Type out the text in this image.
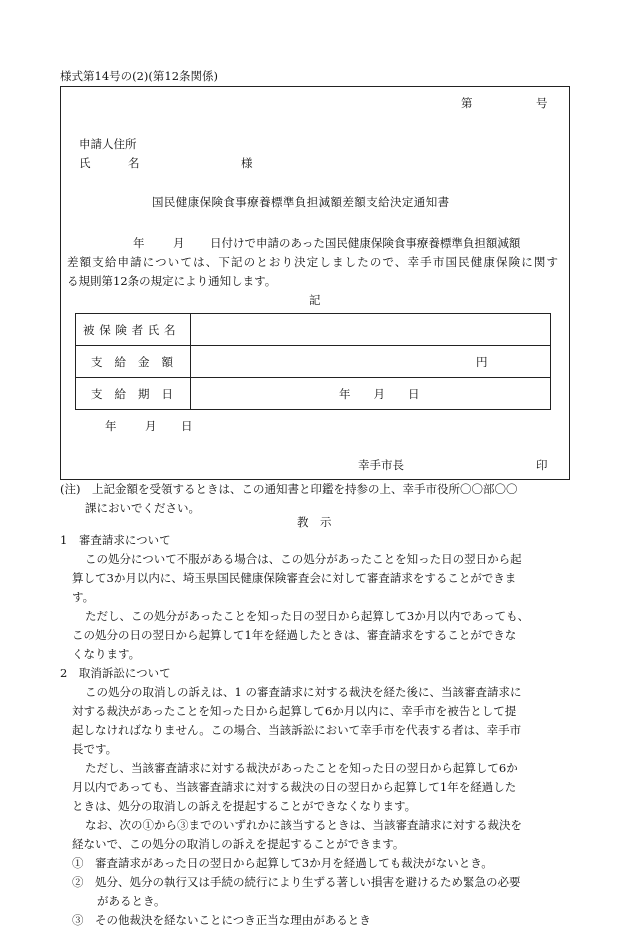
様式第14号の(2)(第12条関係)
第	号
申請人住所
氏	名	様
国民健康保険食事療養標準負担減額差額支給決定通知書
年 月 日付けで申請のあった国民健康保険食事療養標準負担額減額
差額支給申請については、下記のとおり決定しましたので、幸手市国民健康保険に関す
る規則第12条の規定により通知します。
記
被保険者氏名	

支給金額	円

支給期日	年　　月　　日
年 月 日
幸手市長	印
(注)　上記金額を受領するときは、この通知書と印鑑を持参の上、幸手市役所〇〇部〇〇
課においでください。
教　示
1　審査請求について
この処分について不服がある場合は、この処分があったことを知った日の翌日から起
算して3か月以内に、埼玉県国民健康保険審査会に対して審査請求をすることができま
す。
ただし、この処分があったことを知った日の翌日から起算して3か月以内であっても、
この処分の日の翌日から起算して1年を経過したときは、審査請求をすることができな
くなります。
2　取消訴訟について
この処分の取消しの訴えは、1 の審査請求に対する裁決を経た後に、当該審査請求に
対する裁決があったことを知った日から起算して6か月以内に、幸手市を被告として提
起しなければなりません。この場合、当該訴訟において幸手市を代表する者は、幸手市
長です。
ただし、当該審査請求に対する裁決があったことを知った日の翌日から起算して6か
月以内であっても、当該審査請求に対する裁決の日の翌日から起算して1年を経過した
ときは、処分の取消しの訴えを提起することができなくなります。
なお、次の①から③までのいずれかに該当するときは、当該審査請求に対する裁決を
経ないで、この処分の取消しの訴えを提起することができます。
①　審査請求があった日の翌日から起算して3か月を経過しても裁決がないとき。
②　処分、処分の執行又は手続の続行により生ずる著しい損害を避けるため緊急の必要
があるとき。
③　その他裁決を経ないことにつき正当な理由があるとき
